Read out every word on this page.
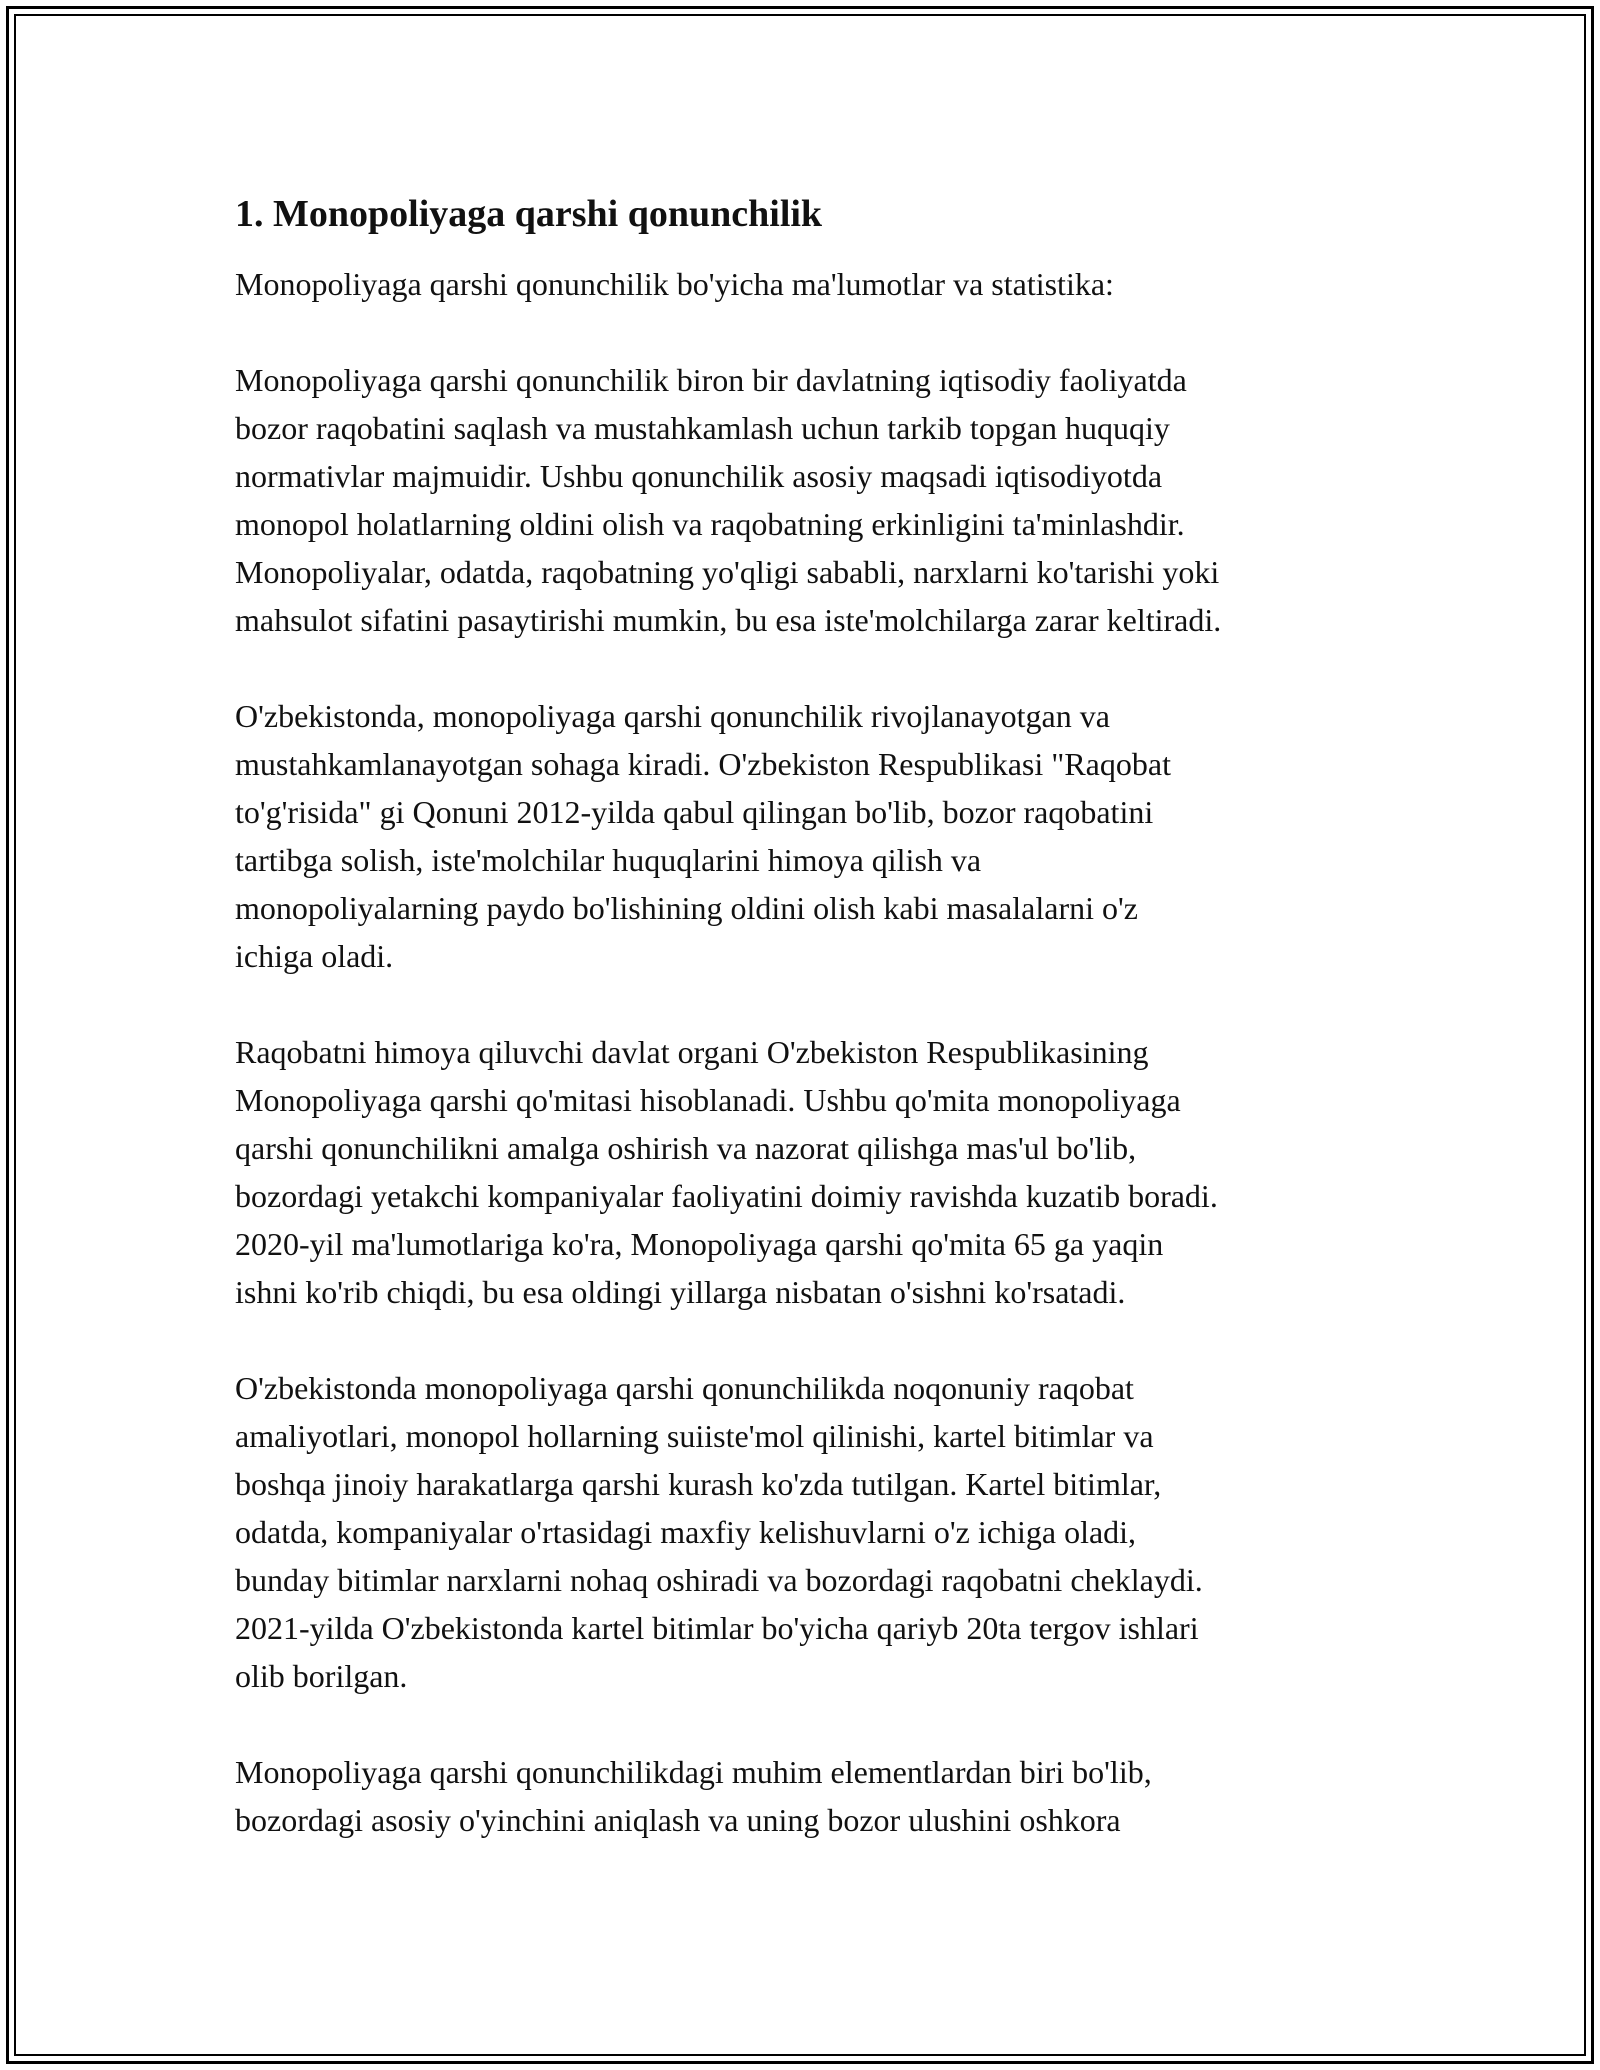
1. Monopoliyaga qarshi qonunchilik

Monopoliyaga qarshi qonunchilik bo'yicha ma'lumotlar va statistika:

Monopoliyaga qarshi qonunchilik biron bir davlatning iqtisodiy faoliyatda
bozor raqobatini saqlash va mustahkamlash uchun tarkib topgan huquqiy
normativlar majmuidir. Ushbu qonunchilik asosiy maqsadi iqtisodiyotda
monopol holatlarning oldini olish va raqobatning erkinligini ta'minlashdir.
Monopoliyalar, odatda, raqobatning yo'qligi sababli, narxlarni ko'tarishi yoki
mahsulot sifatini pasaytirishi mumkin, bu esa iste'molchilarga zarar keltiradi.

O'zbekistonda, monopoliyaga qarshi qonunchilik rivojlanayotgan va
mustahkamlanayotgan sohaga kiradi. O'zbekiston Respublikasi "Raqobat
to'g'risida" gi Qonuni 2012-yilda qabul qilingan bo'lib, bozor raqobatini
tartibga solish, iste'molchilar huquqlarini himoya qilish va
monopoliyalarning paydo bo'lishining oldini olish kabi masalalarni o'z
ichiga oladi.

Raqobatni himoya qiluvchi davlat organi O'zbekiston Respublikasining
Monopoliyaga qarshi qo'mitasi hisoblanadi. Ushbu qo'mita monopoliyaga
qarshi qonunchilikni amalga oshirish va nazorat qilishga mas'ul bo'lib,
bozordagi yetakchi kompaniyalar faoliyatini doimiy ravishda kuzatib boradi.
2020-yil ma'lumotlariga ko'ra, Monopoliyaga qarshi qo'mita 65 ga yaqin
ishni ko'rib chiqdi, bu esa oldingi yillarga nisbatan o'sishni ko'rsatadi.

O'zbekistonda monopoliyaga qarshi qonunchilikda noqonuniy raqobat
amaliyotlari, monopol hollarning suiiste'mol qilinishi, kartel bitimlar va
boshqa jinoiy harakatlarga qarshi kurash ko'zda tutilgan. Kartel bitimlar,
odatda, kompaniyalar o'rtasidagi maxfiy kelishuvlarni o'z ichiga oladi,
bunday bitimlar narxlarni nohaq oshiradi va bozordagi raqobatni cheklaydi.
2021-yilda O'zbekistonda kartel bitimlar bo'yicha qariyb 20ta tergov ishlari
olib borilgan.

Monopoliyaga qarshi qonunchilikdagi muhim elementlardan biri bo'lib,
bozordagi asosiy o'yinchini aniqlash va uning bozor ulushini oshkora
